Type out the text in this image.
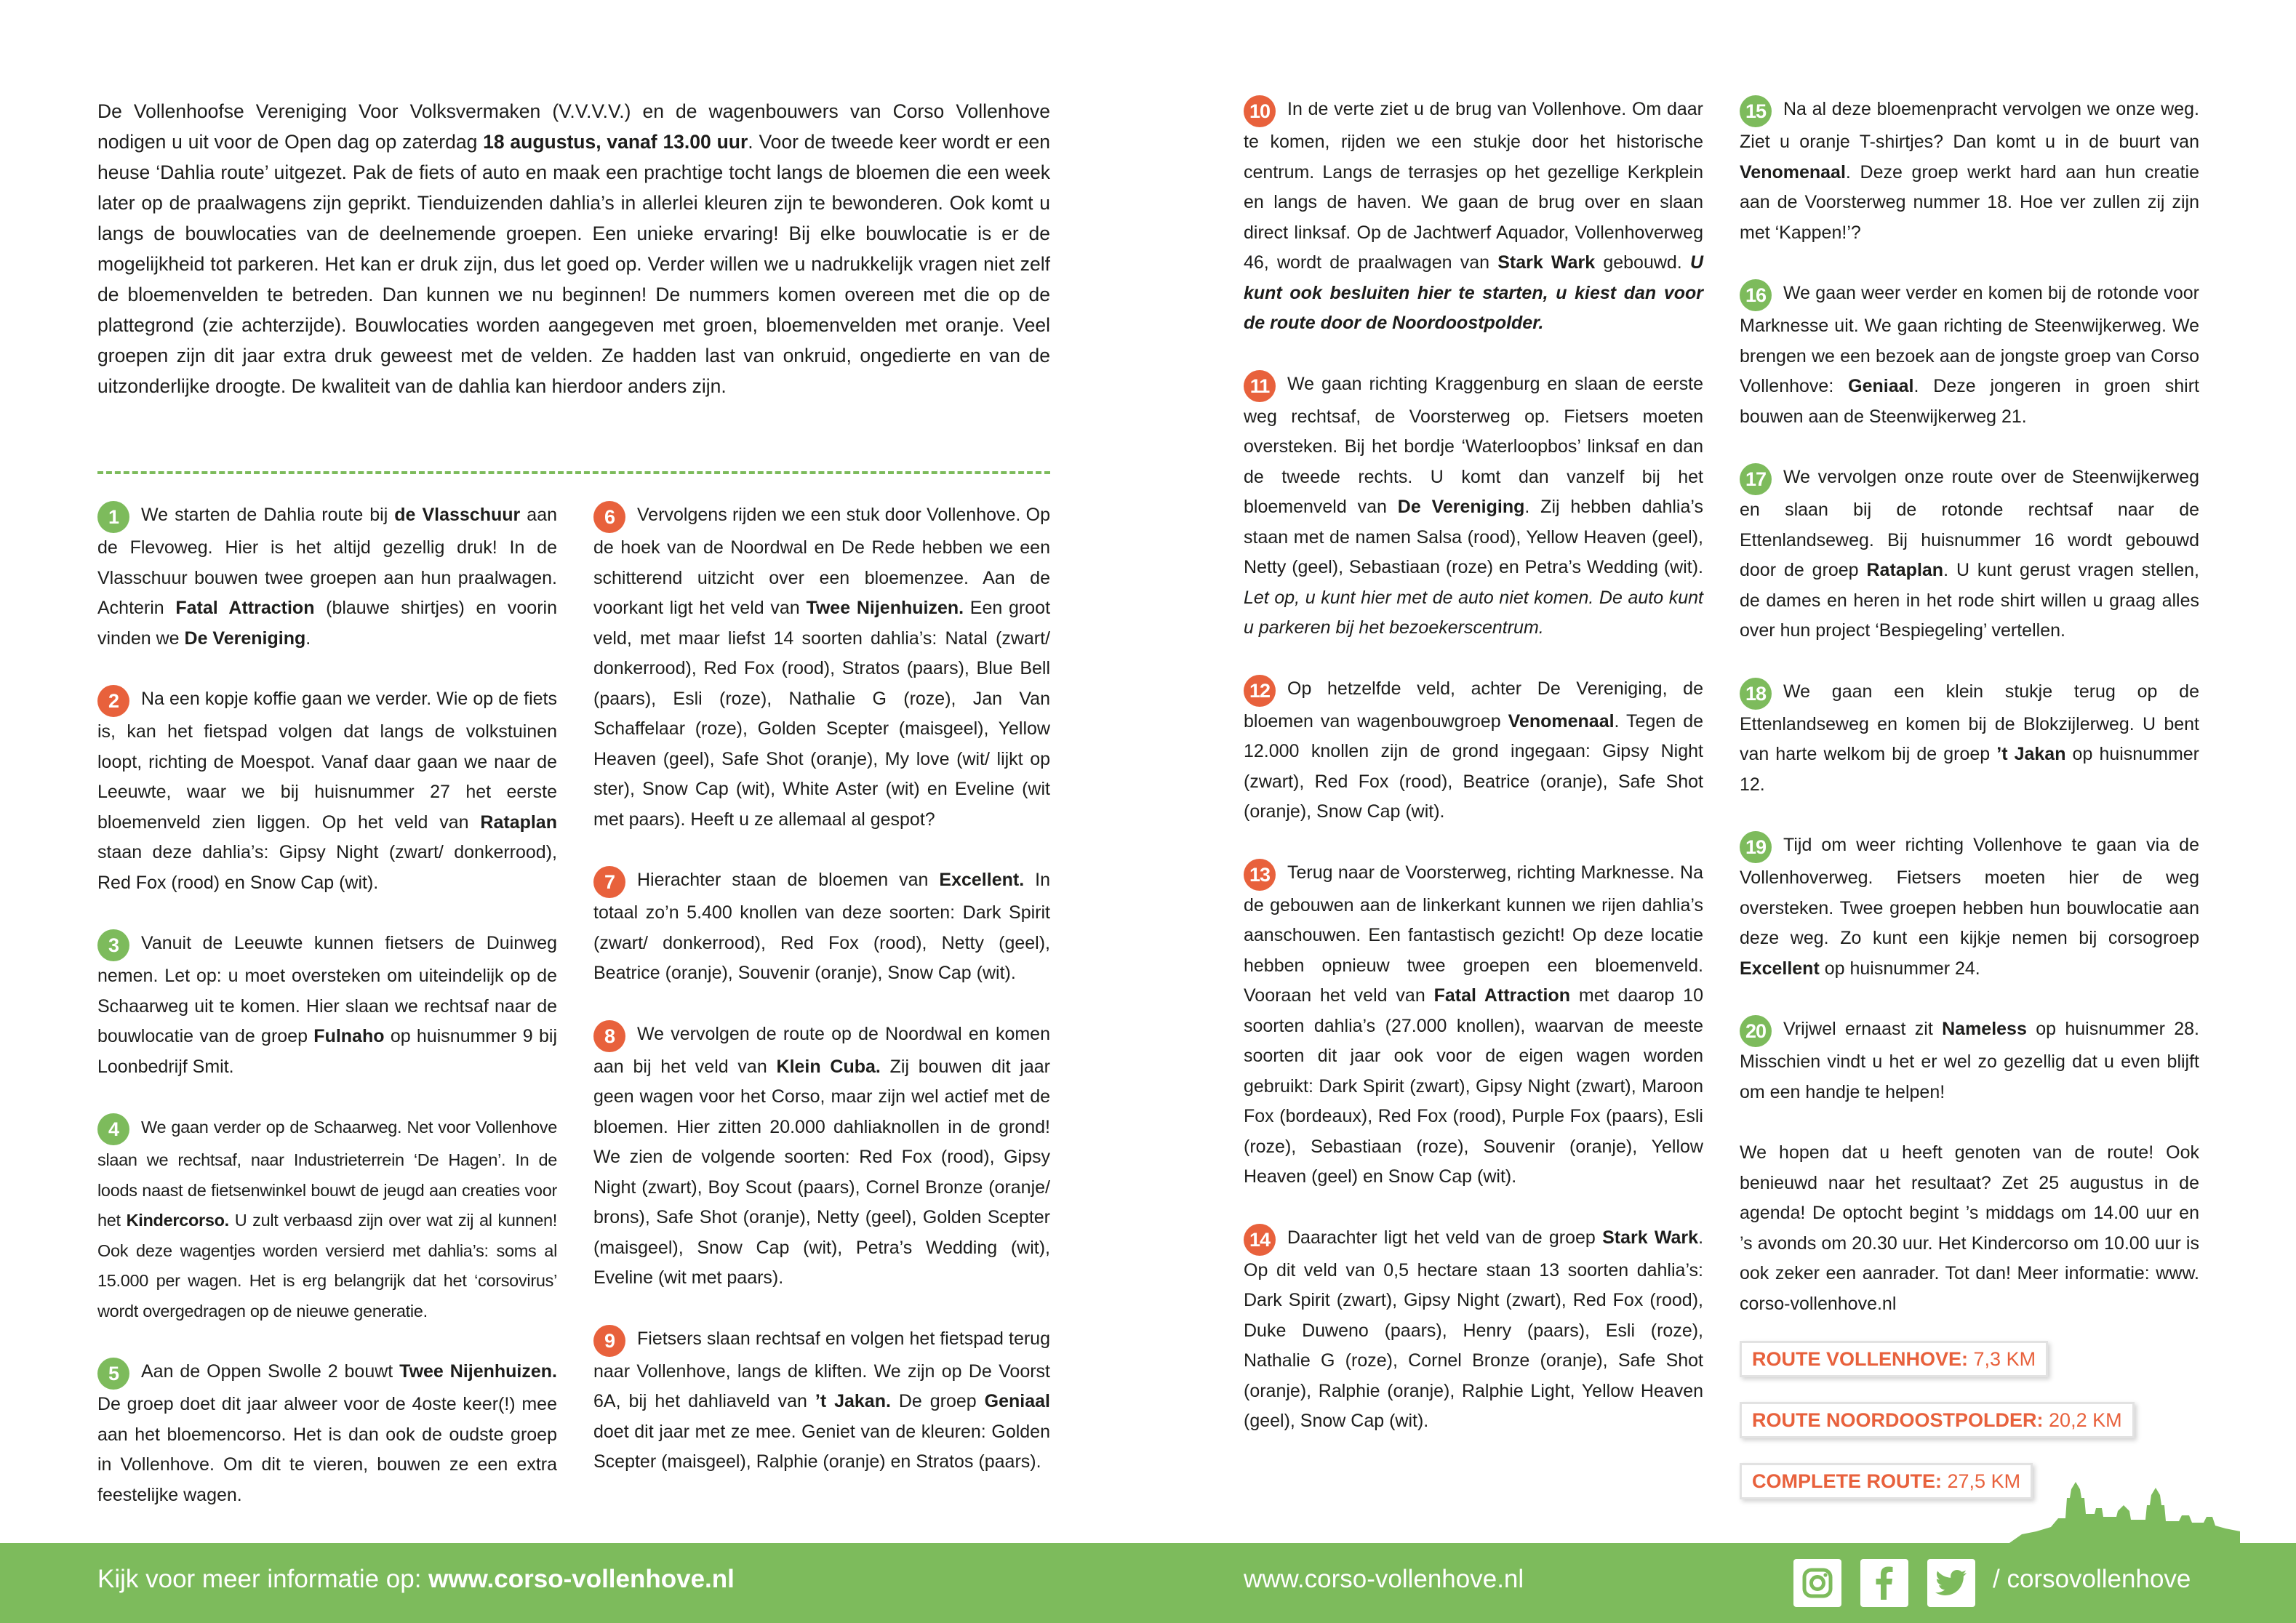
De Vollenhoofse Vereniging Voor Volksvermaken (V.V.V.V.) en de wagenbouwers van Corso Vollenhove nodigen u uit voor de Open dag op zaterdag 18 augustus, vanaf 13.00 uur. Voor de tweede keer wordt er een heuse ‘Dahlia route’ uitgezet. Pak de fiets of auto en maak een prachtige tocht langs de bloemen die een week later op de praalwagens zijn geprikt. Tienduizenden dahlia’s in allerlei kleuren zijn te bewonderen. Ook komt u langs de bouwlocaties van de deelnemende groepen. Een unieke ervaring! Bij elke bouwlocatie is er de mogelijkheid tot parkeren. Het kan er druk zijn, dus let goed op. Verder willen we u nadrukkelijk vragen niet zelf de bloemenvelden te betreden. Dan kunnen we nu beginnen! De nummers komen overeen met die op de plattegrond (zie achterzijde). Bouwlocaties worden aangegeven met groen, bloemenvelden met oranje. Veel groepen zijn dit jaar extra druk geweest met de velden. Ze hadden last van onkruid, ongedierte en van de uitzonderlijke droogte. De kwaliteit van de dahlia kan hierdoor anders zijn.
1 We starten de Dahlia route bij de Vlasschuur aan de Flevoweg. Hier is het altijd gezellig druk! In de Vlasschuur bouwen twee groepen aan hun praalwagen. Achterin Fatal Attraction (blauwe shirtjes) en voorin vinden we De Vereniging.
2 Na een kopje koffie gaan we verder. Wie op de fiets is, kan het fietspad volgen dat langs de volkstuinen loopt, richting de Moespot. Vanaf daar gaan we naar de Leeuwte, waar we bij huisnummer 27 het eerste bloemenveld zien liggen. Op het veld van Rataplan staan deze dahlia’s: Gipsy Night (zwart/ donkerrood), Red Fox (rood) en Snow Cap (wit).
3 Vanuit de Leeuwte kunnen fietsers de Duinweg nemen. Let op: u moet oversteken om uiteindelijk op de Schaarweg uit te komen. Hier slaan we rechtsaf naar de bouwlocatie van de groep Fulnaho op huisnummer 9 bij Loonbedrijf Smit.
4 We gaan verder op de Schaarweg. Net voor Vollenhove slaan we rechtsaf, naar Industrieterrein ‘De Hagen’. In de loods naast de fietsenwinkel bouwt de jeugd aan creaties voor het Kindercorso. U zult verbaasd zijn over wat zij al kunnen! Ook deze wagentjes worden versierd met dahlia’s: soms al 15.000 per wagen. Het is erg belangrijk dat het ‘corsovirus’ wordt overgedragen op de nieuwe generatie.
5 Aan de Oppen Swolle 2 bouwt Twee Nijenhuizen. De groep doet dit jaar alweer voor de 4oste keer(!) mee aan het bloemencorso. Het is dan ook de oudste groep in Vollenhove. Om dit te vieren, bouwen ze een extra feestelijke wagen.
6 Vervolgens rijden we een stuk door Vollenhove. Op de hoek van de Noordwal en De Rede hebben we een schitterend uitzicht over een bloemenzee. Aan de voorkant ligt het veld van Twee Nijenhuizen. Een groot veld, met maar liefst 14 soorten dahlia’s: Natal (zwart/ donkerrood), Red Fox (rood), Stratos (paars), Blue Bell (paars), Esli (roze), Nathalie G (roze), Jan Van Schaffelaar (roze), Golden Scepter (maisgeel), Yellow Heaven (geel), Safe Shot (oranje), My love (wit/ lijkt op ster), Snow Cap (wit), White Aster (wit) en Eveline (wit met paars). Heeft u ze allemaal al gespot?
7 Hierachter staan de bloemen van Excellent. In totaal zo’n 5.400 knollen van deze soorten: Dark Spirit (zwart/ donkerrood), Red Fox (rood), Netty (geel), Beatrice (oranje), Souvenir (oranje), Snow Cap (wit).
8 We vervolgen de route op de Noordwal en komen aan bij het veld van Klein Cuba. Zij bouwen dit jaar geen wagen voor het Corso, maar zijn wel actief met de bloemen. Hier zitten 20.000 dahliaknollen in de grond! We zien de volgende soorten: Red Fox (rood), Gipsy Night (zwart), Boy Scout (paars), Cornel Bronze (oranje/ brons), Safe Shot (oranje), Netty (geel), Golden Scepter (maisgeel), Snow Cap (wit), Petra’s Wedding (wit), Eveline (wit met paars).
9 Fietsers slaan rechtsaf en volgen het fietspad terug naar Vollenhove, langs de kliften. We zijn op De Voorst 6A, bij het dahliaveld van ’t Jakan. De groep Geniaal doet dit jaar met ze mee. Geniet van de kleuren: Golden Scepter (maisgeel), Ralphie (oranje) en Stratos (paars).
10 In de verte ziet u de brug van Vollenhove. Om daar te komen, rijden we een stukje door het historische centrum. Langs de terrasjes op het gezellige Kerkplein en langs de haven. We gaan de brug over en slaan direct linksaf. Op de Jachtwerf Aquador, Vollenhoverweg 46, wordt de praalwagen van Stark Wark gebouwd. U kunt ook besluiten hier te starten, u kiest dan voor de route door de Noordoostpolder.
11 We gaan richting Kraggenburg en slaan de eerste weg rechtsaf, de Voorsterweg op. Fietsers moeten oversteken. Bij het bordje ‘Waterloopbos’ linksaf en dan de tweede rechts. U komt dan vanzelf bij het bloemenveld van De Vereniging. Zij hebben dahlia’s staan met de namen Salsa (rood), Yellow Heaven (geel), Netty (geel), Sebastiaan (roze) en Petra’s Wedding (wit). Let op, u kunt hier met de auto niet komen. De auto kunt u parkeren bij het bezoekerscentrum.
12 Op hetzelfde veld, achter De Vereniging, de bloemen van wagenbouwgroep Venomenaal. Tegen de 12.000 knollen zijn de grond ingegaan: Gipsy Night (zwart), Red Fox (rood), Beatrice (oranje), Safe Shot (oranje), Snow Cap (wit).
13 Terug naar de Voorsterweg, richting Marknesse. Na de gebouwen aan de linkerkant kunnen we rijen dahlia’s aanschouwen. Een fantastisch gezicht! Op deze locatie hebben opnieuw twee groepen een bloemenveld. Vooraan het veld van Fatal Attraction met daarop 10 soorten dahlia’s (27.000 knollen), waarvan de meeste soorten dit jaar ook voor de eigen wagen worden gebruikt: Dark Spirit (zwart), Gipsy Night (zwart), Maroon Fox (bordeaux), Red Fox (rood), Purple Fox (paars), Esli (roze), Sebastiaan (roze), Souvenir (oranje), Yellow Heaven (geel) en Snow Cap (wit).
14 Daarachter ligt het veld van de groep Stark Wark. Op dit veld van 0,5 hectare staan 13 soorten dahlia’s: Dark Spirit (zwart), Gipsy Night (zwart), Red Fox (rood), Duke Duweno (paars), Henry (paars), Esli (roze), Nathalie G (roze), Cornel Bronze (oranje), Safe Shot (oranje), Ralphie (oranje), Ralphie Light, Yellow Heaven (geel), Snow Cap (wit).
15 Na al deze bloemenpracht vervolgen we onze weg. Ziet u oranje T-shirtjes? Dan komt u in de buurt van Venomenaal. Deze groep werkt hard aan hun creatie aan de Voorsterweg nummer 18. Hoe ver zullen zij zijn met ‘Kappen!’?
16 We gaan weer verder en komen bij de rotonde voor Marknesse uit. We gaan richting de Steenwijkerweg. We brengen we een bezoek aan de jongste groep van Corso Vollenhove: Geniaal. Deze jongeren in groen shirt bouwen aan de Steenwijkerweg 21.
17 We vervolgen onze route over de Steenwijkerweg en slaan bij de rotonde rechtsaf naar de Ettenlandseweg. Bij huisnummer 16 wordt gebouwd door de groep Rataplan. U kunt gerust vragen stellen, de dames en heren in het rode shirt willen u graag alles over hun project ‘Bespiegeling’ vertellen.
18 We gaan een klein stukje terug op de Ettenlandseweg en komen bij de Blokzijlerweg. U bent van harte welkom bij de groep ’t Jakan op huisnummer 12.
19 Tijd om weer richting Vollenhove te gaan via de Vollenhoverweg. Fietsers moeten hier de weg oversteken. Twee groepen hebben hun bouwlocatie aan deze weg. Zo kunt een kijkje nemen bij corsogroep Excellent op huisnummer 24.
20 Vrijwel ernaast zit Nameless op huisnummer 28. Misschien vindt u het er wel zo gezellig dat u even blijft om een handje te helpen!
We hopen dat u heeft genoten van de route! Ook benieuwd naar het resultaat? Zet 25 augustus in de agenda! De optocht begint ’s middags om 14.00 uur en ’s avonds om 20.30 uur. Het Kindercorso om 10.00 uur is ook zeker een aanrader. Tot dan! Meer informatie: www. corso-vollenhove.nl
ROUTE VOLLENHOVE: 7,3 KM
ROUTE NOORDOOSTPOLDER: 20,2 KM
COMPLETE ROUTE: 27,5 KM
Kijk voor meer informatie op: www.corso-vollenhove.nl	www.corso-vollenhove.nl	/ corsovollenhove
